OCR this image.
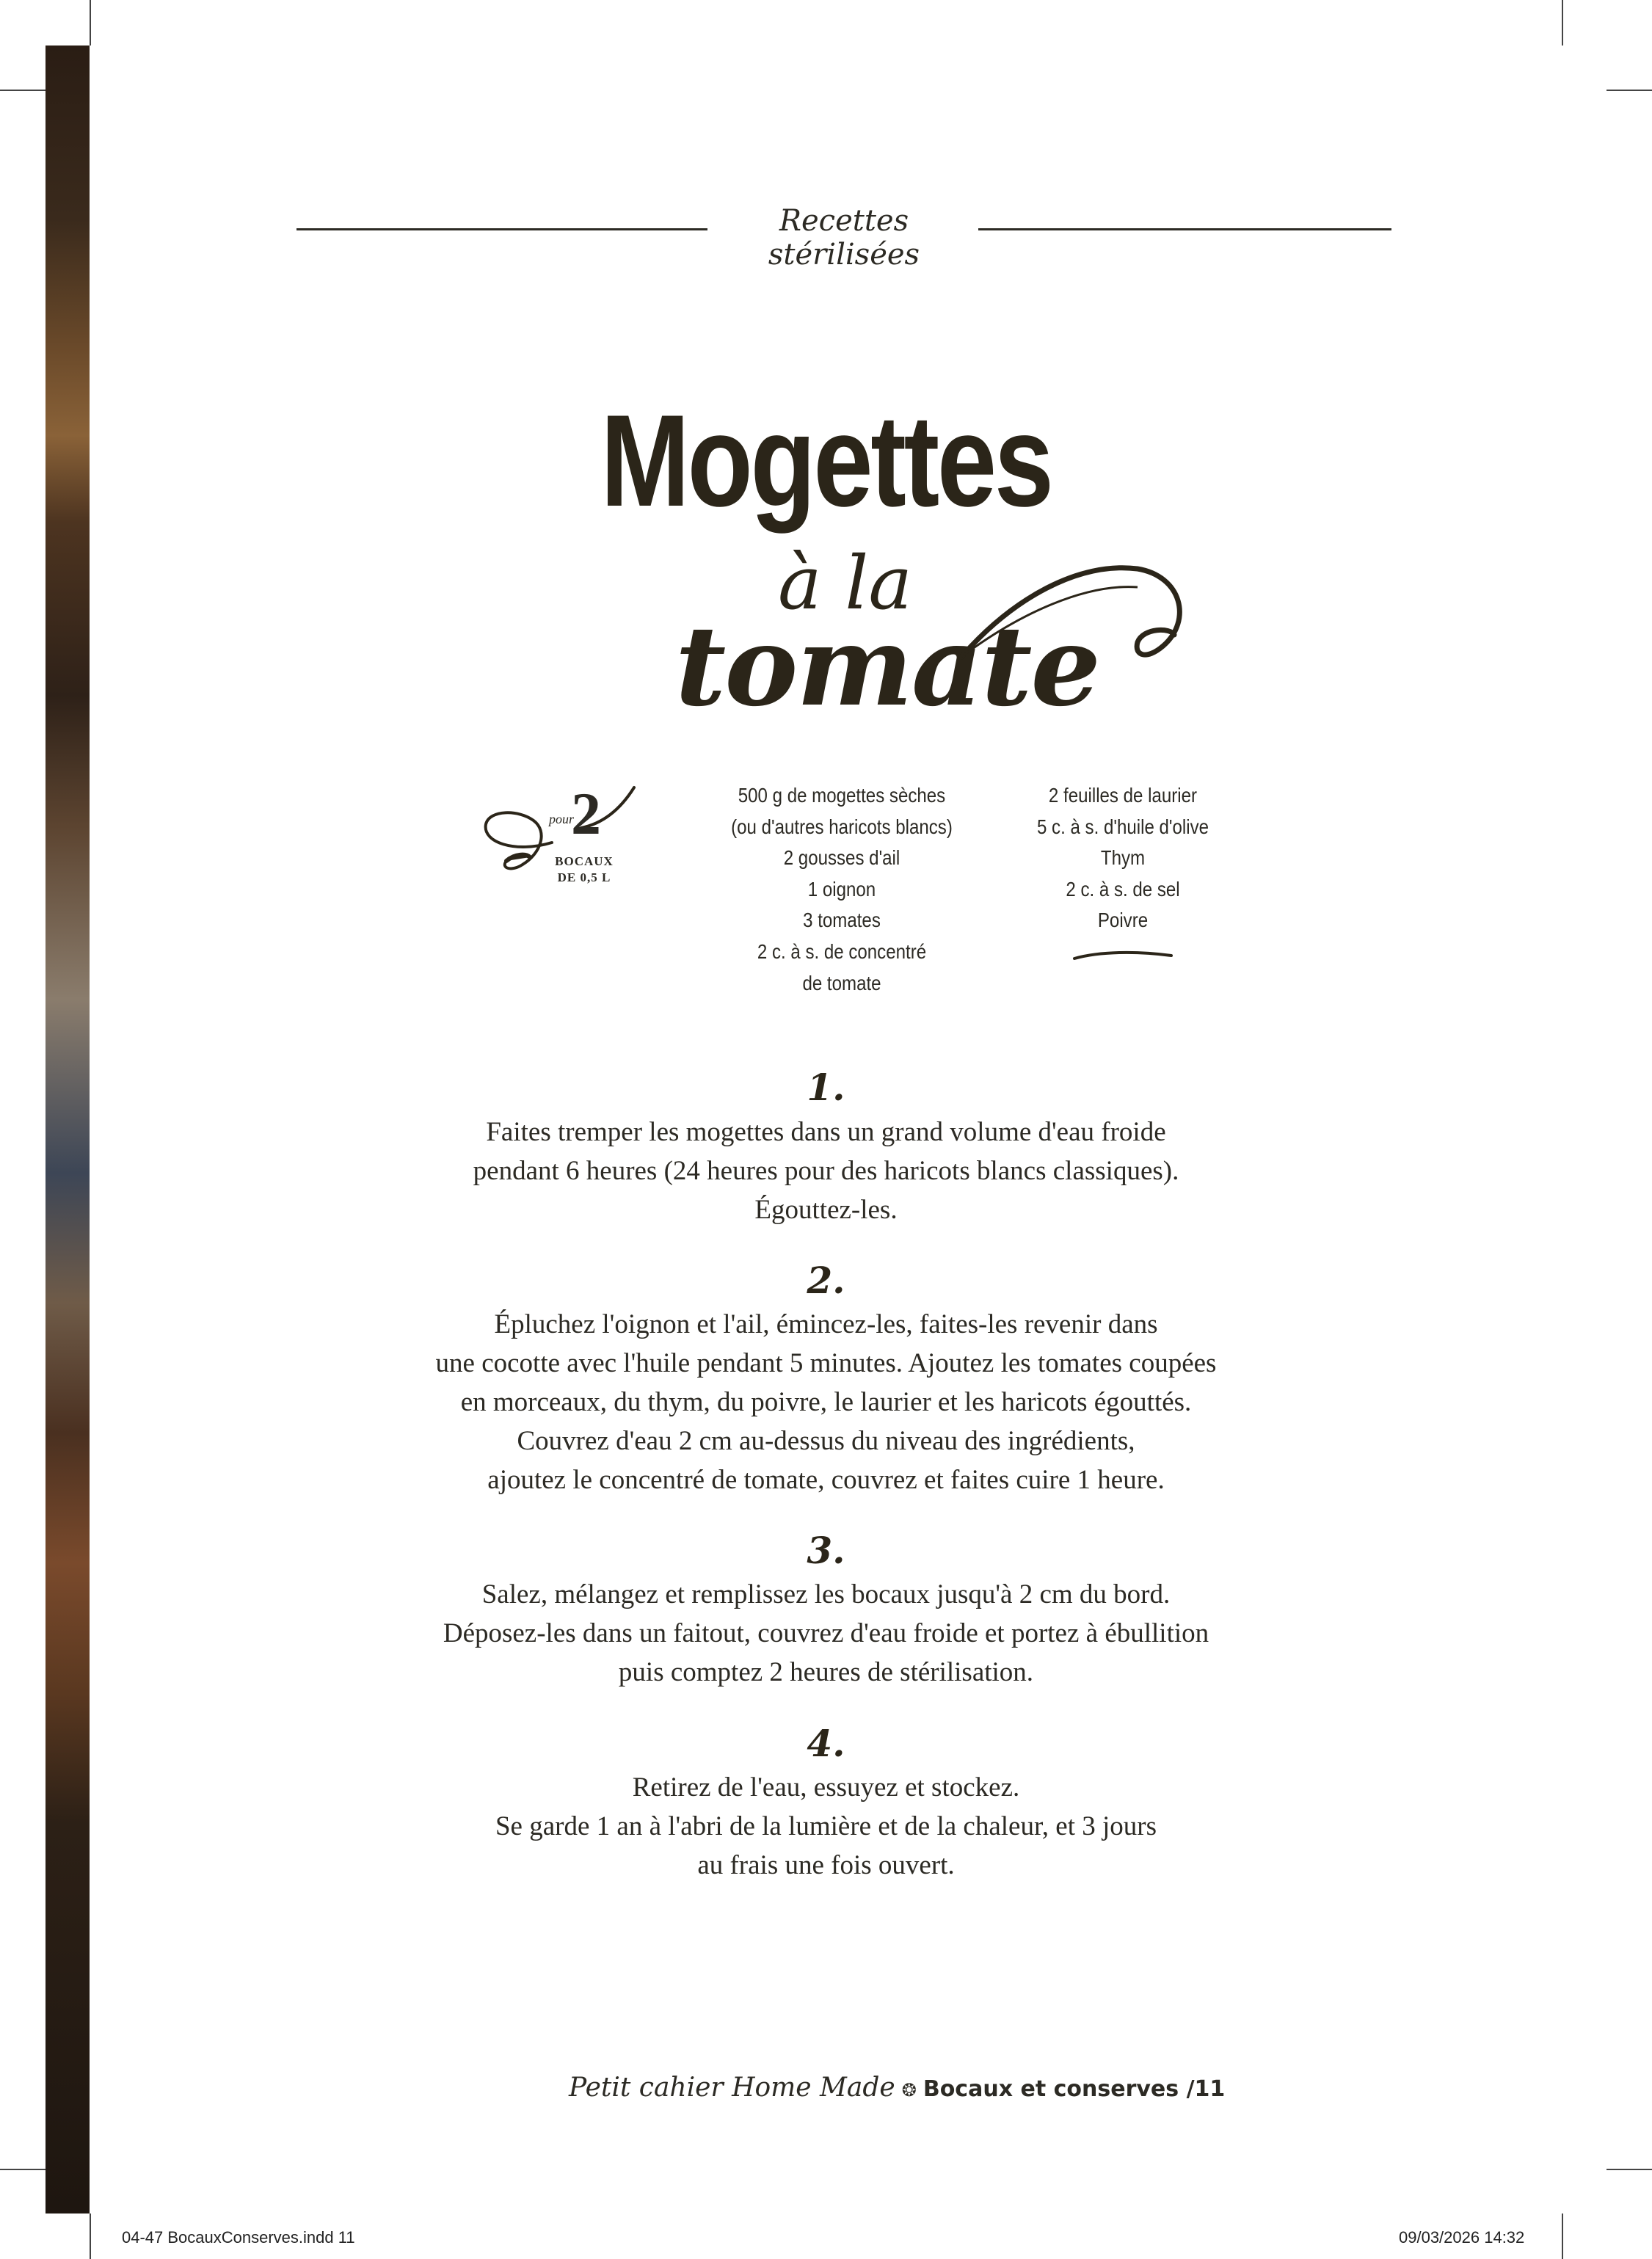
Recettes stérilisées
Mogettes
à la
tomate
pour
2
BOCAUX
DE 0,5 L
500 g de mogettes sèches
(ou d'autres haricots blancs)
2 gousses d'ail
1 oignon
3 tomates
2 c. à s. de concentré
de tomate
2 feuilles de laurier
5 c. à s. d'huile d'olive
Thym
2 c. à s. de sel
Poivre
1.
Faites tremper les mogettes dans un grand volume d'eau froide
pendant 6 heures (24 heures pour des haricots blancs classiques).
Égouttez-les.
2.
Épluchez l'oignon et l'ail, émincez-les, faites-les revenir dans
une cocotte avec l'huile pendant 5 minutes. Ajoutez les tomates coupées
en morceaux, du thym, du poivre, le laurier et les haricots égouttés.
Couvrez d'eau 2 cm au-dessus du niveau des ingrédients,
ajoutez le concentré de tomate, couvrez et faites cuire 1 heure.
3.
Salez, mélangez et remplissez les bocaux jusqu'à 2 cm du bord.
Déposez-les dans un faitout, couvrez d'eau froide et portez à ébullition
puis comptez 2 heures de stérilisation.
4.
Retirez de l'eau, essuyez et stockez.
Se garde 1 an à l'abri de la lumière et de la chaleur, et 3 jours
au frais une fois ouvert.
Petit cahier Home Made ❂ Bocaux et conserves /11
04-47 BocauxConserves.indd 11	09/03/2026 14:32
